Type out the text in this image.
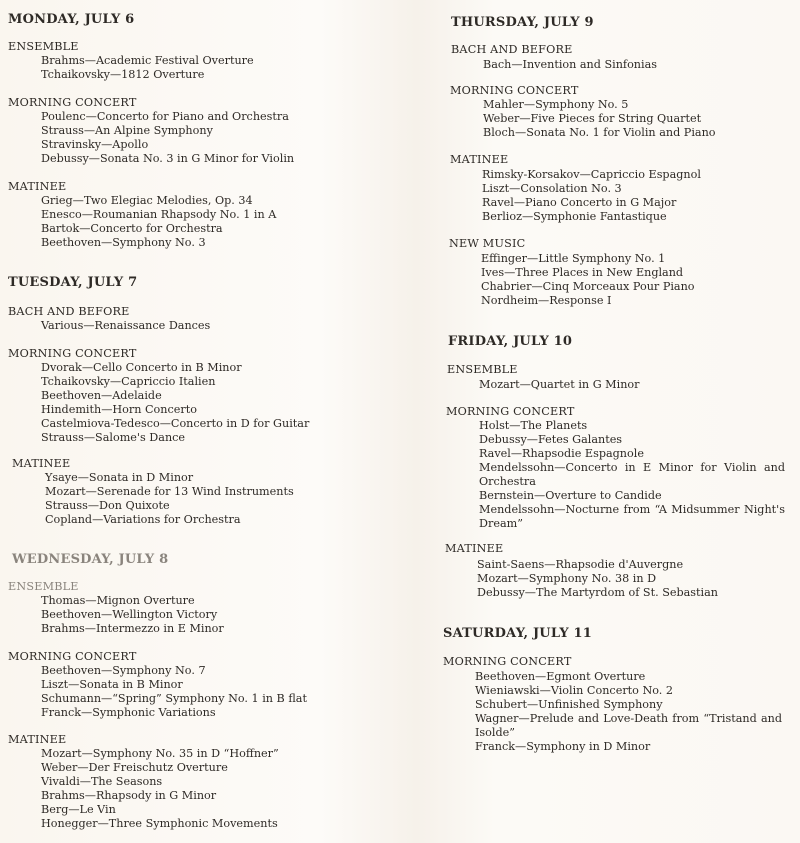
MONDAY, JULY 6
ENSEMBLE
Brahms—Academic Festival Overture
Tchaikovsky—1812 Overture
MORNING CONCERT
Poulenc—Concerto for Piano and Orchestra
Strauss—An Alpine Symphony
Stravinsky—Apollo
Debussy—Sonata No. 3 in G Minor for Violin
MATINEE
Grieg—Two Elegiac Melodies, Op. 34
Enesco—Roumanian Rhapsody No. 1 in A
Bartok—Concerto for Orchestra
Beethoven—Symphony No. 3
TUESDAY, JULY 7
BACH AND BEFORE
Various—Renaissance Dances
MORNING CONCERT
Dvorak—Cello Concerto in B Minor
Tchaikovsky—Capriccio Italien
Beethoven—Adelaide
Hindemith—Horn Concerto
Castelmiova-Tedesco—Concerto in D for Guitar
Strauss—Salome's Dance
MATINEE
Ysaye—Sonata in D Minor
Mozart—Serenade for 13 Wind Instruments
Strauss—Don Quixote
Copland—Variations for Orchestra
WEDNESDAY, JULY 8
ENSEMBLE
Thomas—Mignon Overture
Beethoven—Wellington Victory
Brahms—Intermezzo in E Minor
MORNING CONCERT
Beethoven—Symphony No. 7
Liszt—Sonata in B Minor
Schumann—“Spring” Symphony No. 1 in B flat
Franck—Symphonic Variations
MATINEE
Mozart—Symphony No. 35 in D “Hoffner”
Weber—Der Freischutz Overture
Vivaldi—The Seasons
Brahms—Rhapsody in G Minor
Berg—Le Vin
Honegger—Three Symphonic Movements
THURSDAY, JULY 9
BACH AND BEFORE
Bach—Invention and Sinfonias
MORNING CONCERT
Mahler—Symphony No. 5
Weber—Five Pieces for String Quartet
Bloch—Sonata No. 1 for Violin and Piano
MATINEE
Rimsky-Korsakov—Capriccio Espagnol
Liszt—Consolation No. 3
Ravel—Piano Concerto in G Major
Berlioz—Symphonie Fantastique
NEW MUSIC
Effinger—Little Symphony No. 1
Ives—Three Places in New England
Chabrier—Cinq Morceaux Pour Piano
Nordheim—Response I
FRIDAY, JULY 10
ENSEMBLE
Mozart—Quartet in G Minor
MORNING CONCERT
Holst—The Planets
Debussy—Fetes Galantes
Ravel—Rhapsodie Espagnole
Mendelssohn—Concerto in E Minor for Violin and Orchestra
Bernstein—Overture to Candide
Mendelssohn—Nocturne from “A Midsummer Night's Dream”
MATINEE
Saint-Saens—Rhapsodie d'Auvergne
Mozart—Symphony No. 38 in D
Debussy—The Martyrdom of St. Sebastian
SATURDAY, JULY 11
MORNING CONCERT
Beethoven—Egmont Overture
Wieniawski—Violin Concerto No. 2
Schubert—Unfinished Symphony
Wagner—Prelude and Love-Death from “Tristand and Isolde”
Franck—Symphony in D Minor
